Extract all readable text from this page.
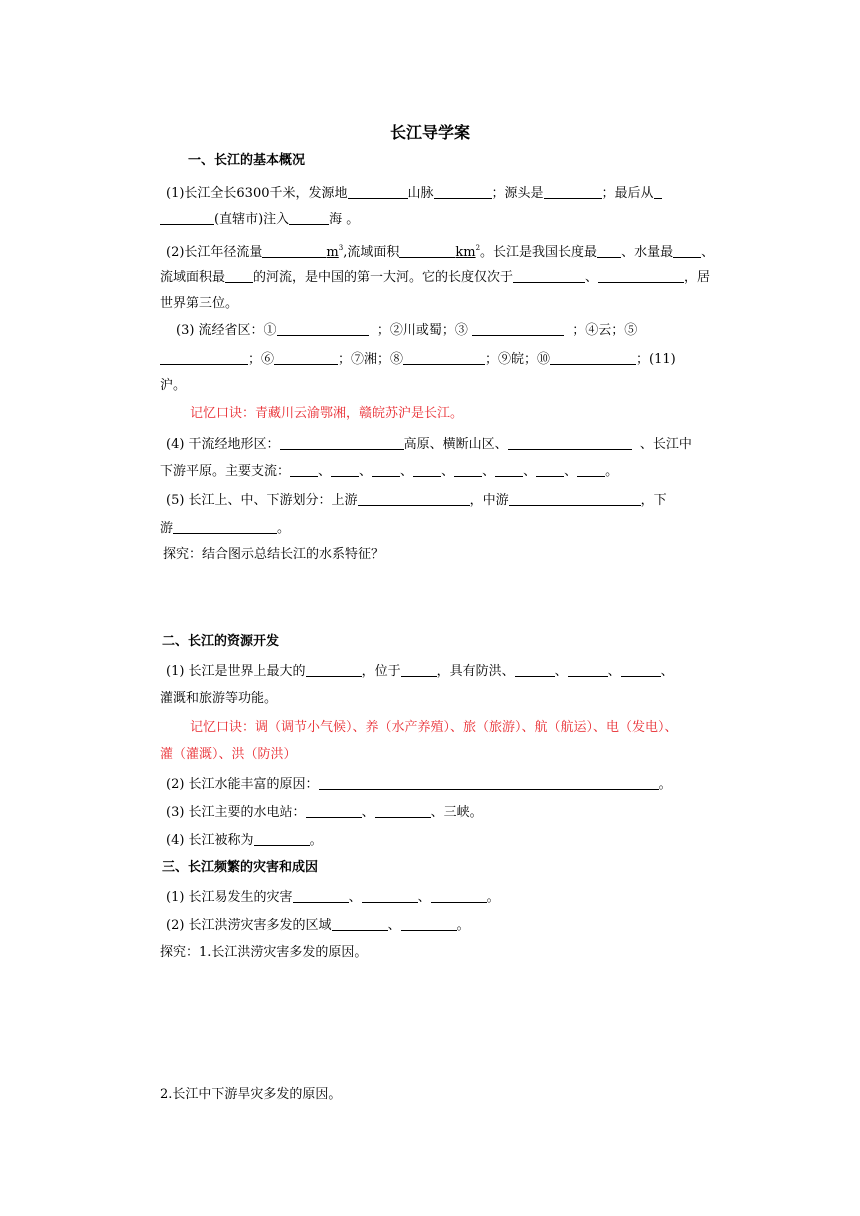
长江导学案
一、长江的基本概况
(1)长江全长6300千米，发源地	山脉	；源头是	；最后从
(直辖市)注入	海 。
(2)长江年径流量	$m^3$,流域面积	$km^2$。长江是我国长度最 、水量最 、
流域面积最 的河流，是中国的第一大河。它的长度仅次于	、	，居
世界第三位。
(3) 流经省区：①	；②川或蜀；③	；④云；⑤
；⑥	；⑦湘；⑧	；⑨皖；⑩	；(11)
沪。
记忆口诀：青藏川云渝鄂湘，赣皖苏沪是长江。
(4) 干流经地形区：	高原、横断山区、	、长江中
下游平原。主要支流： 、 、 、 、 、 、 、 。
(5) 长江上、中、下游划分：上游	，中游	，下
游	。
探究：结合图示总结长江的水系特征？
二、长江的资源开发
(1) 长江是世界上最大的	，位于	，具有防洪、	、	、	、
灌溉和旅游等功能。
记忆口诀：调（调节小气候）、养（水产养殖）、旅（旅游）、航（航运）、电（发电）、
灌（灌溉）、洪（防洪）
(2) 长江水能丰富的原因：	。
(3) 长江主要的水电站：	、	、三峡。
(4) 长江被称为	。
三、长江频繁的灾害和成因
(1) 长江易发生的灾害	、	、	。
(2) 长江洪涝灾害多发的区域	、	。
探究：1.长江洪涝灾害多发的原因。
2.长江中下游旱灾多发的原因。
